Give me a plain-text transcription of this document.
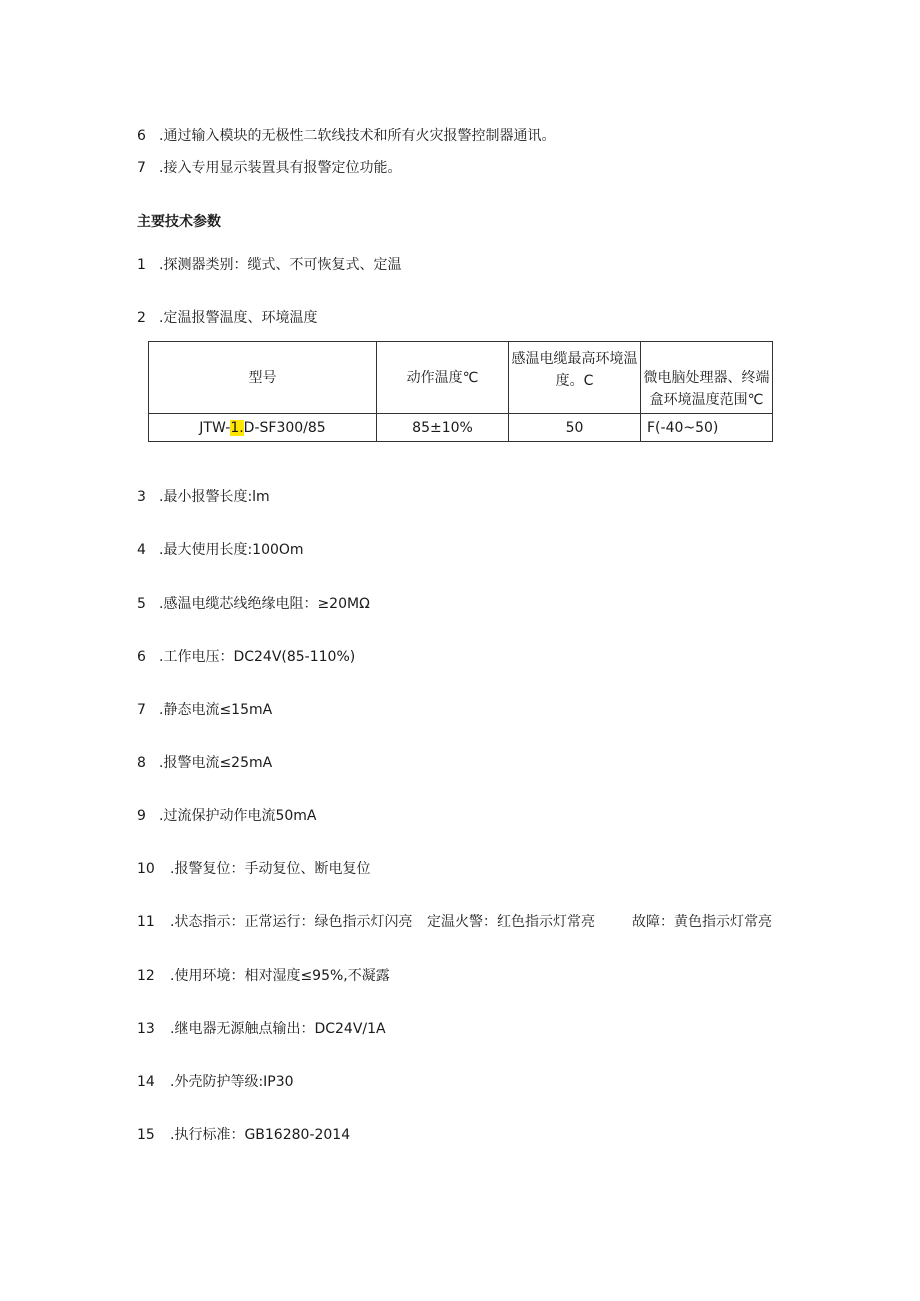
6 .通过输入模块的无极性二软线技术和所有火灾报警控制器通讯。
7 .接入专用显示装置具有报警定位功能。
主要技术参数
1 .探测器类别：缆式、不可恢复式、定温
2 .定温报警温度、环境温度
型号	动作温度℃	感温电缆最高环境温度。C	微电脑处理器、终端盒环境温度范围℃
JTW-1.D-SF300/85	85±10%	50	F(-40~50)
3 .最小报警长度:lm
4 .最大使用长度:100Om
5 .感温电缆芯线绝缘电阻：≥20MΩ
6 .工作电压：DC24V(85-110%)
7 .静态电流≤15mA
8 .报警电流≤25mA
9 .过流保护动作电流50mA
10 .报警复位：手动复位、断电复位
11 .状态指示：正常运行：绿色指示灯闪亮 定温火警：红色指示灯常亮	故障：黄色指示灯常亮
12 .使用环境：相对湿度≤95%,不凝露
13 .继电器无源触点输出：DC24V/1A
14 .外壳防护等级:IP30
15 .执行标准：GB16280-2014
